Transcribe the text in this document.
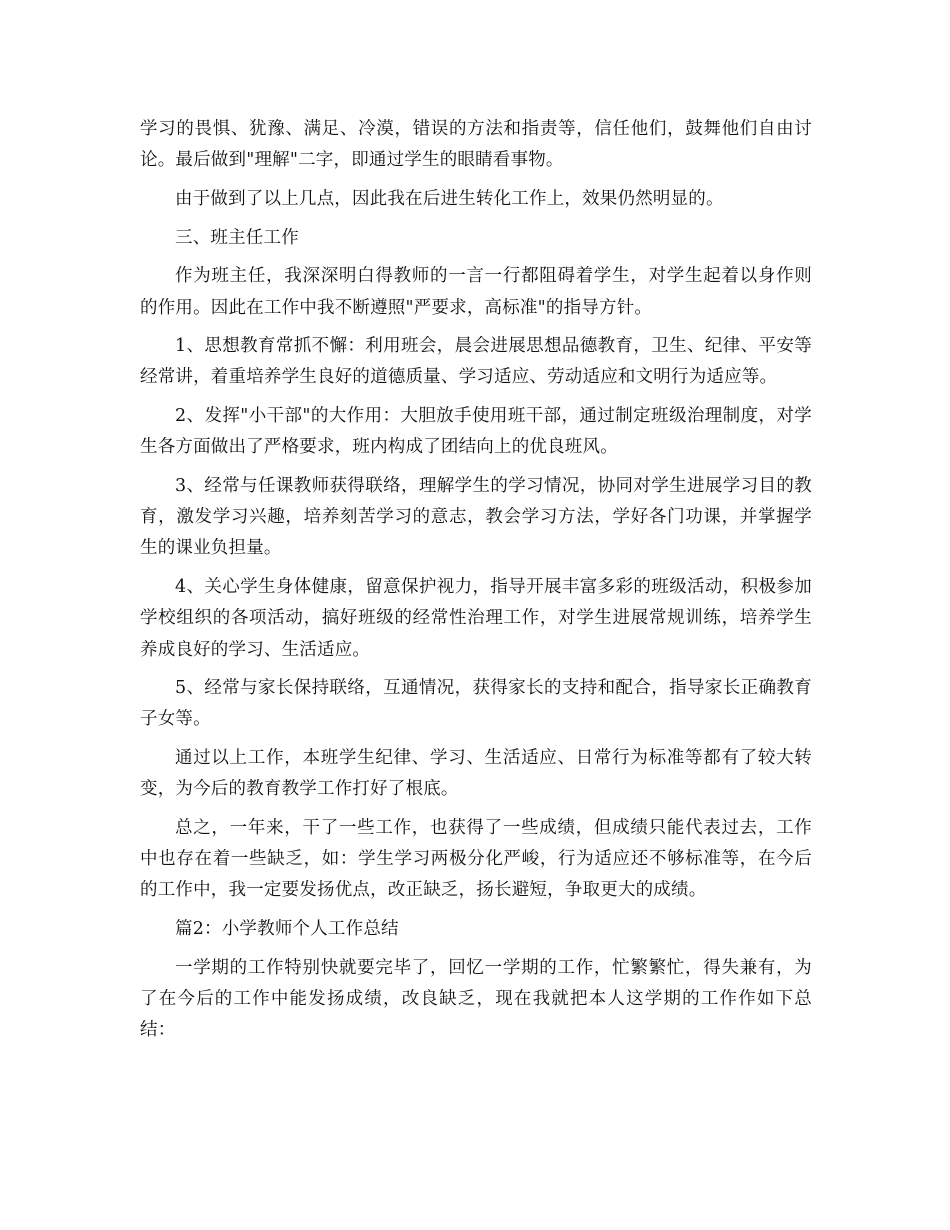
学习的畏惧、犹豫、满足、冷漠，错误的方法和指责等，信任他们，鼓舞他们自由讨论。最后做到"理解"二字，即通过学生的眼睛看事物。

由于做到了以上几点，因此我在后进生转化工作上，效果仍然明显的。

三、班主任工作

作为班主任，我深深明白得教师的一言一行都阻碍着学生，对学生起着以身作则的作用。因此在工作中我不断遵照"严要求，高标准"的指导方针。

1、思想教育常抓不懈：利用班会，晨会进展思想品德教育，卫生、纪律、平安等经常讲，着重培养学生良好的道德质量、学习适应、劳动适应和文明行为适应等。

2、发挥"小干部"的大作用：大胆放手使用班干部，通过制定班级治理制度，对学生各方面做出了严格要求，班内构成了团结向上的优良班风。

3、经常与任课教师获得联络，理解学生的学习情况，协同对学生进展学习目的教育，激发学习兴趣，培养刻苦学习的意志，教会学习方法，学好各门功课，并掌握学生的课业负担量。

4、关心学生身体健康，留意保护视力，指导开展丰富多彩的班级活动，积极参加学校组织的各项活动，搞好班级的经常性治理工作，对学生进展常规训练，培养学生养成良好的学习、生活适应。

5、经常与家长保持联络，互通情况，获得家长的支持和配合，指导家长正确教育子女等。

通过以上工作，本班学生纪律、学习、生活适应、日常行为标准等都有了较大转变，为今后的教育教学工作打好了根底。

总之，一年来，干了一些工作，也获得了一些成绩，但成绩只能代表过去，工作中也存在着一些缺乏，如：学生学习两极分化严峻，行为适应还不够标准等，在今后的工作中，我一定要发扬优点，改正缺乏，扬长避短，争取更大的成绩。

篇2：小学教师个人工作总结

一学期的工作特别快就要完毕了，回忆一学期的工作，忙繁繁忙，得失兼有，为了在今后的工作中能发扬成绩，改良缺乏，现在我就把本人这学期的工作作如下总结：
